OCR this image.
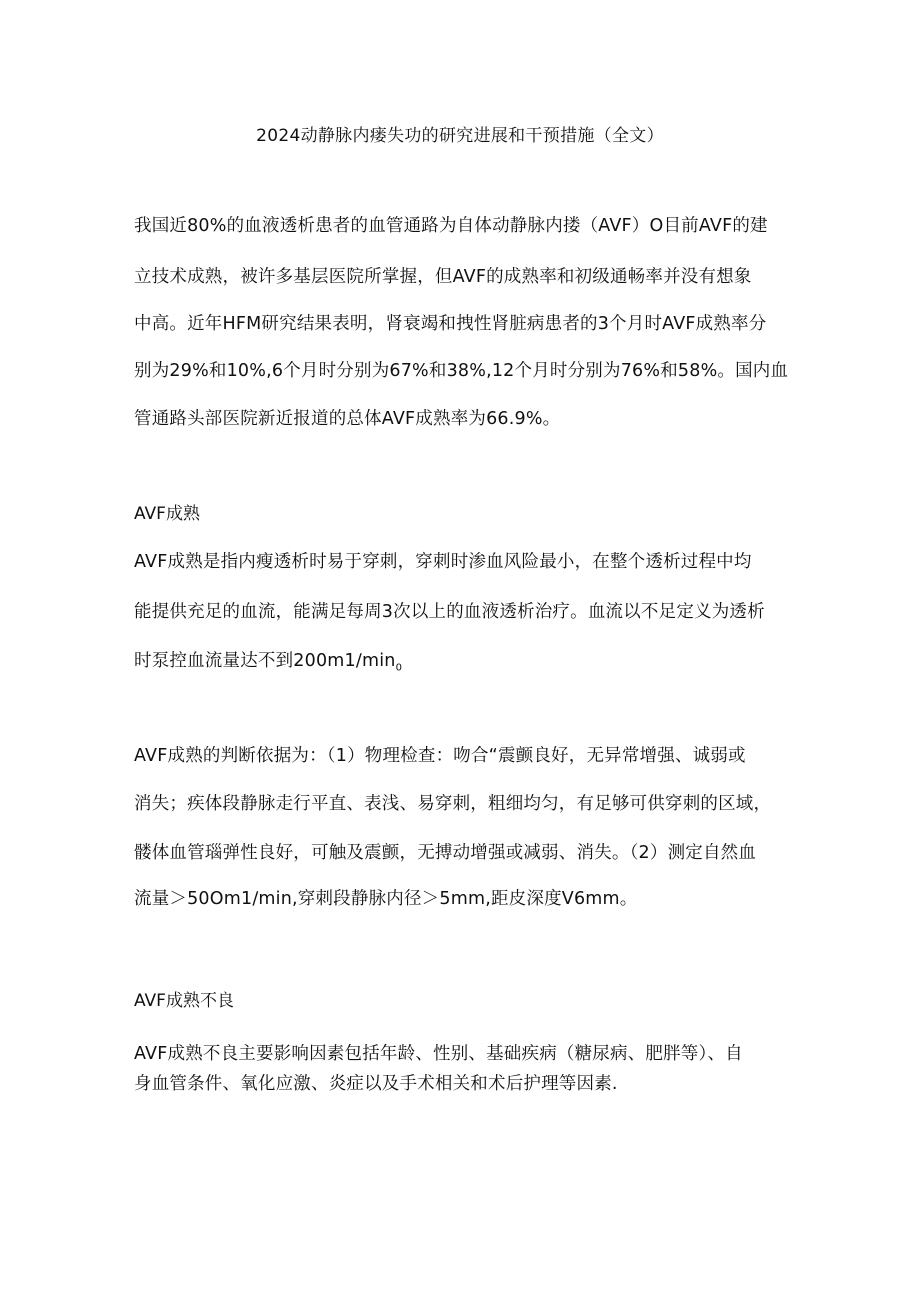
2024动静脉内瘘失功的研究进展和干预措施（全文）
我国近80%的血液透析患者的血管通路为自体动静脉内搂（AVF）O目前AVF的建
立技术成熟，被许多基层医院所掌握，但AVF的成熟率和初级通畅率并没有想象
中高。近年HFM研究结果表明，肾衰竭和拽性肾脏病患者的3个月时AVF成熟率分
别为29%和10%,6个月时分别为67%和38%,12个月时分别为76%和58%。国内血
管通路头部医院新近报道的总体AVF成熟率为66.9%。
AVF成熟
AVF成熟是指内瘦透析时易于穿刺，穿刺时渗血风险最小，在整个透析过程中均
能提供充足的血流，能满足每周3次以上的血液透析治疗。血流以不足定义为透析
时泵控血流量达不到$200m1∕\min_0$
AVF成熟的判断依据为：（1）物理检查：吻合“震颤良好，无异常增强、诚弱或
消失；疾体段静脉走行平直、表浅、易穿刺，粗细均匀，有足够可供穿刺的区域，
髅体血管瑙弹性良好，可触及震颤，无搏动增强或减弱、消失。（2）测定自然血
流量＞50Om1∕min,穿刺段静脉内径＞5mm,距皮深度V6mm。
AVF成熟不良
AVF成熟不良主要影响因素包括年龄、性别、基础疾病（糖尿病、肥胖等）、自
身血管条件、氧化应激、炎症以及手术相关和术后护理等因素.
